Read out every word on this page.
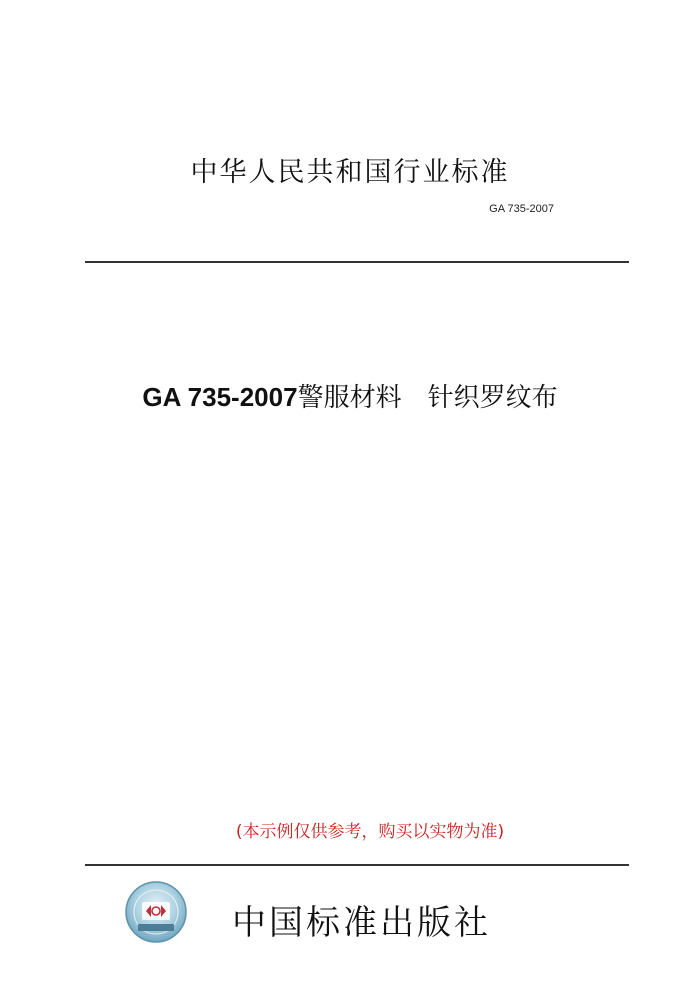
中华人民共和国行业标准
GA 735-2007
GA 735-2007警服材料　针织罗纹布
(本示例仅供参考，购买以实物为准)
中国标准出版社
